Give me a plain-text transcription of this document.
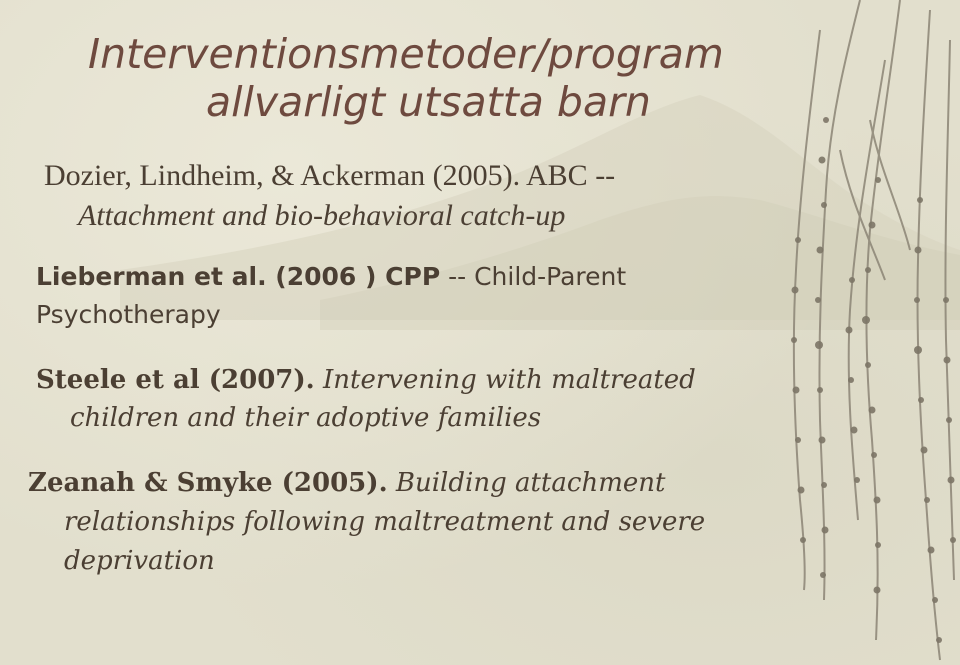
Interventionsmetoder/program
allvarligt utsatta barn
Dozier, Lindheim, & Ackerman (2005). ABC --
Attachment and bio-behavioral catch-up
Lieberman et al. (2006 ) CPP -- Child-Parent
Psychotherapy
Steele et al (2007). Intervening with maltreated
children and their adoptive families
Zeanah & Smyke (2005). Building attachment
relationships following maltreatment and severe
deprivation
